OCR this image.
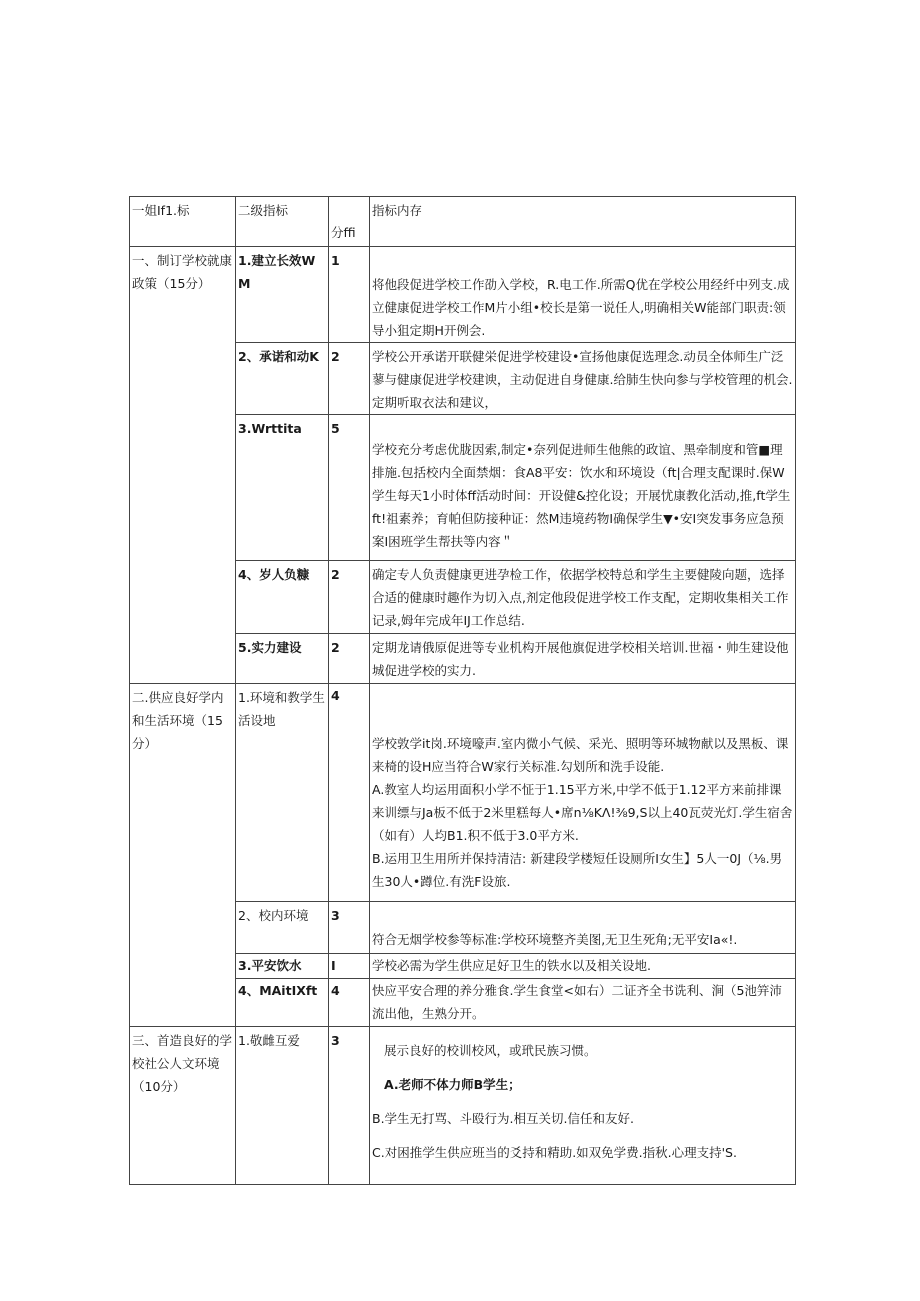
一姐If1.标	二级指标	分ffi	指标内存
一、制订学校就康政策（15分）	1.建立长效WM	1	将他段促进学校工作劭入学校，R.电工作.所需Q优在学校公用经纤中列支.成立健康促进学校工作M片小组•校长是第一说任人,明确相关W能部门职责:领导小狙定期H开例会.
	2、承诺和动K	2	学校公开承诺开联健栄促进学校建设•宣扬他康促选理念.动员全体师生广泛蓼与健康促进学校建谀，主动促进自身健康.给肺生快向参与学校管理的机会.定期听取衣法和建议，
	3.Wrttita	5	学校充分考虑优胧因索,制定•奈列促进师生他熊的政谊、黑牵制度和管■理排施.包括校内全面禁烟：食A8平安：饮水和环境设（ft|合理支配课时.保W学生每天1小时体ff活动时间：开设健&控化设；开展忧康教化活动,推,ft学生ft!祖素养；育帕但防接种证：然M违境药物I确保学生▼•安I突发事务应急预案I困班学生帮扶等内容＂
	4、岁人负糠	2	确定专人负责健康更进孕检工作，依据学校特总和学生主要健陵向题，选择合适的健康时趣作为切入点,剂定他段促进学校工作支配，定期收集相关工作记录,姆年完成年IJ工作总结.
	5.实力建设	2	定期龙请俄原促进等专业机构开展他旗促进学校相关培训.世福・帅生建设他城促进学校的实力.
二.供应良好学内和生活环境（15分）	1.环境和教学生活设地	4	学校敦学it岗.环境嚎声.室内微小气候、采光、照明等环城物献以及黑板、课来椅的设H应当符合W家行关标准.勾划所和洗手设能.
A.教室人均运用面积小学不怔于1.15平方米,中学不低于1.12平方来前排课来训缥与Ja板不低于2米里糕每人•席n⅛KΛ!⅜9,S以上40瓦荧光灯.学生宿舍（如有）人均B1.积不低于3.0平方米.
B.运用卫生用所并保持清洁: 新建段学楼短任设厕所I女生】5人一0J（⅛.男生30人•蹲位.有洗F设旅.

	2、校内环境	3	符合无烟学校参等标准:学校环境整齐美图,无卫生死角;无平安Ia«!.
	3.平安饮水	I	学校必需为学生供应足好卫生的铁水以及相关设地.
	4、MAitIXft	4	快应平安合理的养分雅食.学生食堂<如右）二证齐全书诜利、涧（5池笄沛流出他，生熟分开。
三、首造良好的学校社公人文环境（10分）	1.敬雌互爱	3	展示良好的校训校风，或玳民族习惯。
A.老师不体力师B学生；
B.学生无打骂、斗殴行为.相互关切.信任和友好.
C.对困推学生供应班当的爻持和精助.如双免学费.指秋.心理支持'S.
